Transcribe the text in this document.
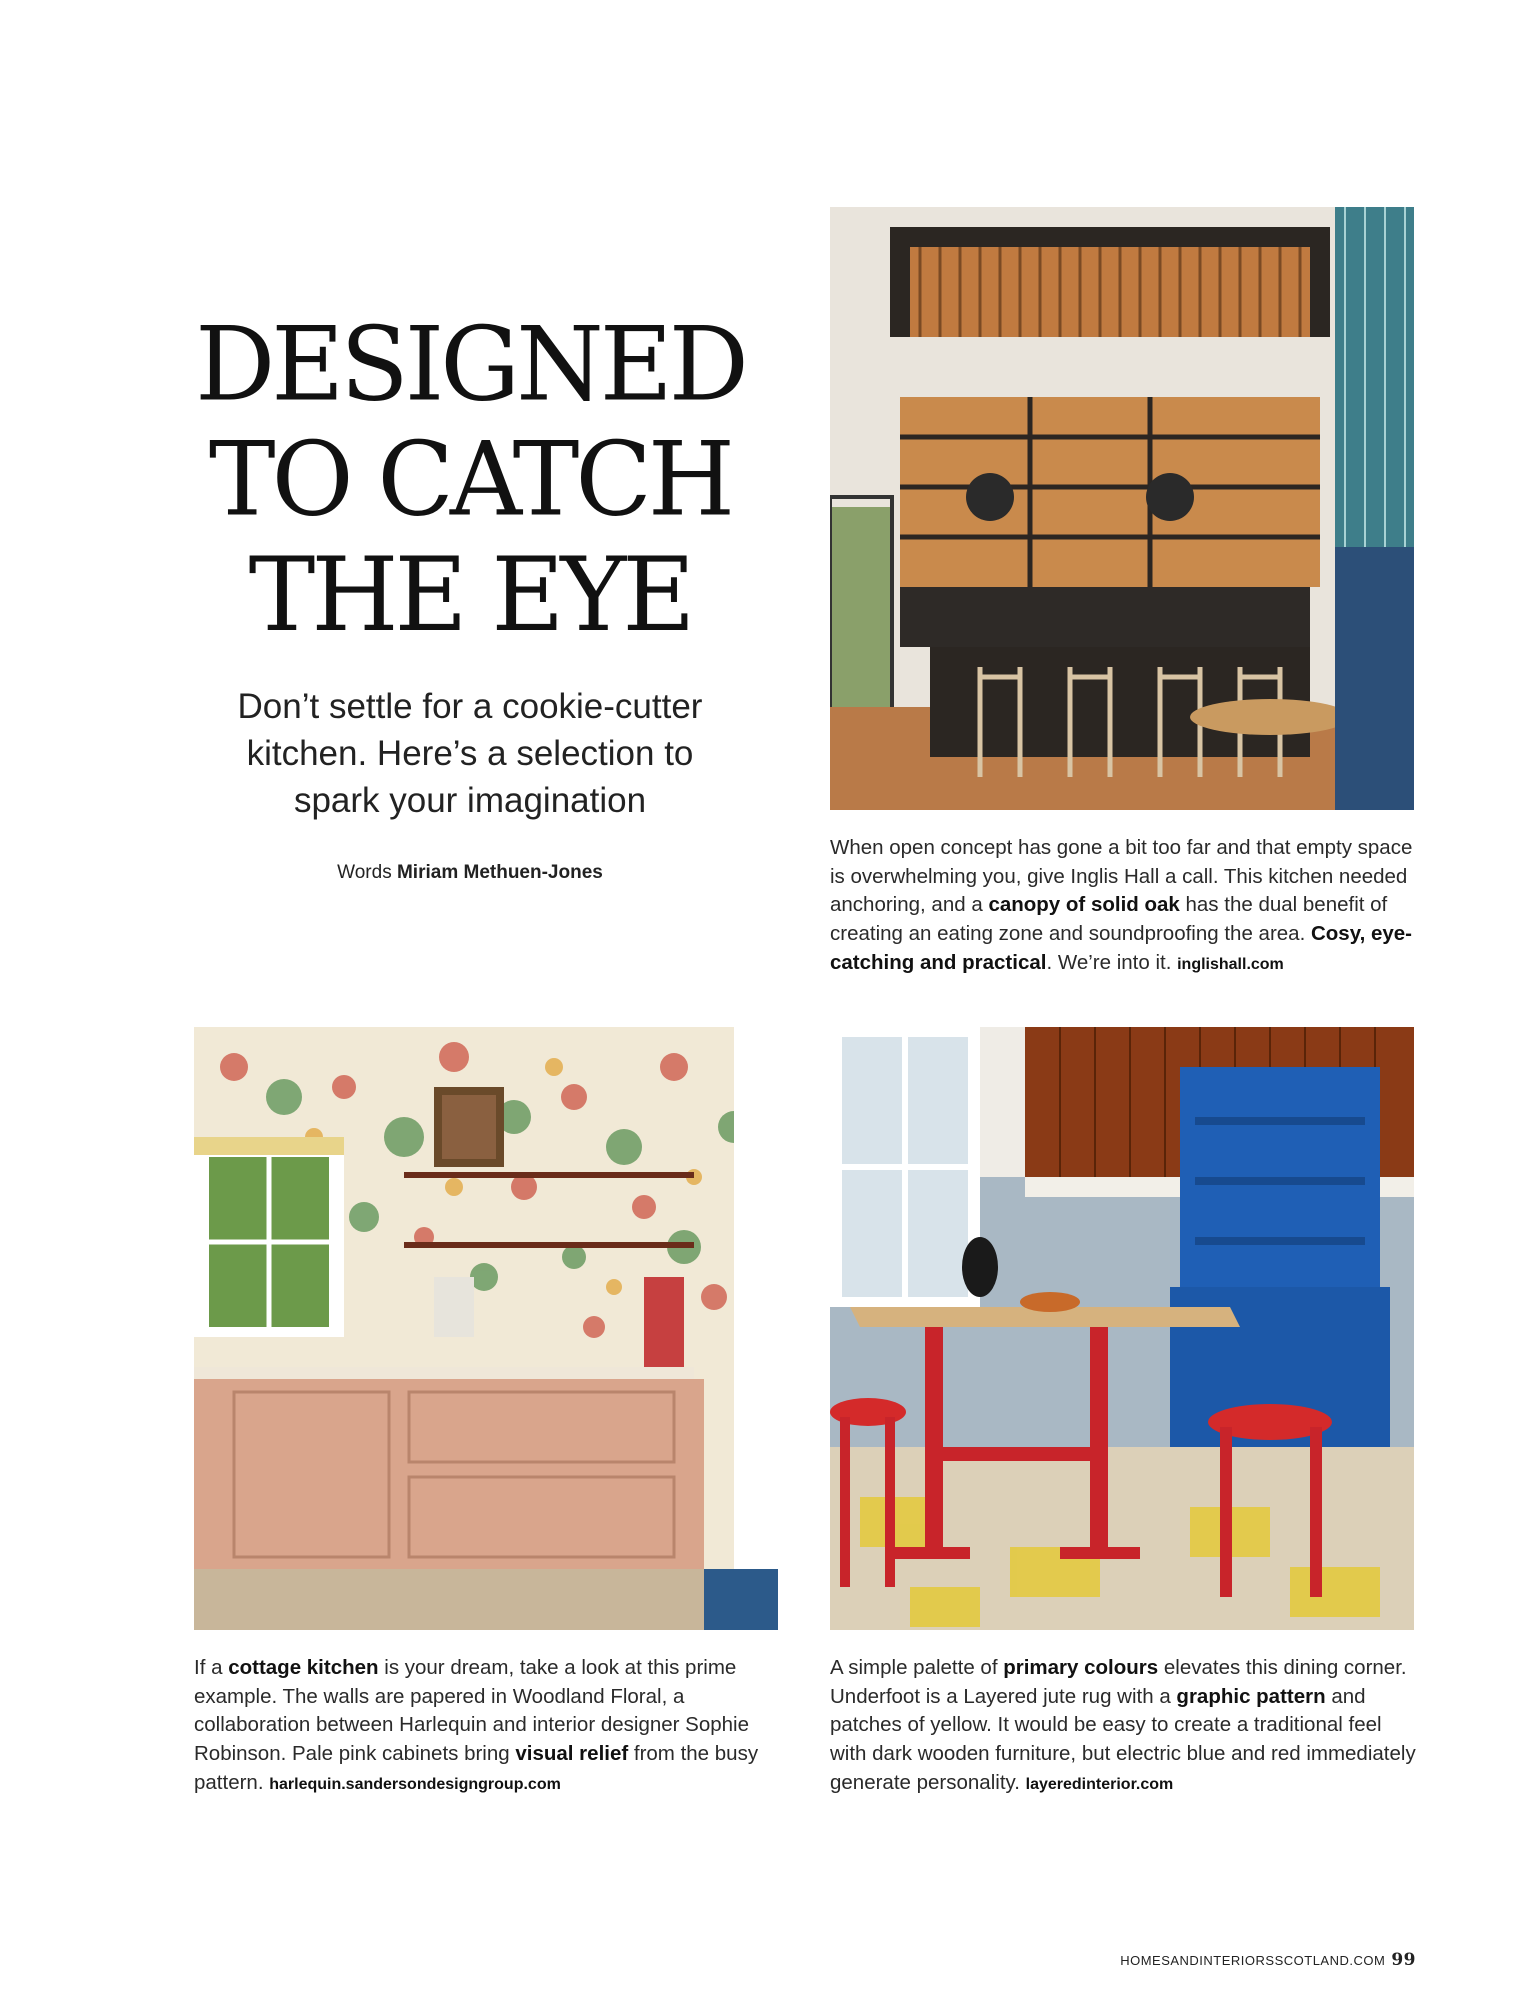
DESIGNED
TO CATCH
THE EYE
Don’t settle for a cookie-cutter
kitchen. Here’s a selection to
spark your imagination
Words Miriam Methuen-Jones
When open concept has gone a bit too far and that empty space is overwhelming you, give Inglis Hall a call. This kitchen needed anchoring, and a canopy of solid oak has the dual benefit of creating an eating zone and soundproofing the area. Cosy, eye-catching and practical. We’re into it. inglishall.com
If a cottage kitchen is your dream, take a look at this prime example. The walls are papered in Woodland Floral, a collaboration between Harlequin and interior designer Sophie Robinson. Pale pink cabinets bring visual relief from the busy pattern. harlequin.sandersondesigngroup.com
A simple palette of primary colours elevates this dining corner. Underfoot is a Layered jute rug with a graphic pattern and patches of yellow. It would be easy to create a traditional feel with dark wooden furniture, but electric blue and red immediately generate personality. layeredinterior.com
HOMESANDINTERIORSSCOTLAND.COM 99
